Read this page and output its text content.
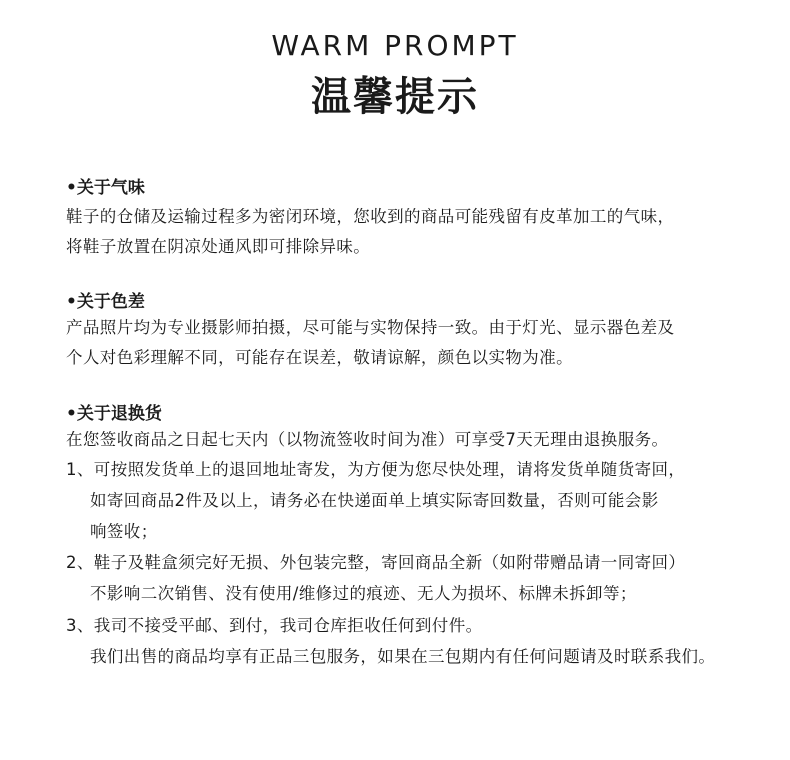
WARM PROMPT
温馨提示
•关于气味
鞋子的仓储及运输过程多为密闭环境，您收到的商品可能残留有皮革加工的气味，
将鞋子放置在阴凉处通风即可排除异味。
•关于色差
产品照片均为专业摄影师拍摄，尽可能与实物保持一致。由于灯光、显示器色差及
个人对色彩理解不同，可能存在误差，敬请谅解，颜色以实物为准。
•关于退换货
在您签收商品之日起七天内（以物流签收时间为准）可享受7天无理由退换服务。
1、可按照发货单上的退回地址寄发，为方便为您尽快处理，请将发货单随货寄回，
如寄回商品2件及以上，请务必在快递面单上填实际寄回数量，否则可能会影
响签收；
2、鞋子及鞋盒须完好无损、外包装完整，寄回商品全新（如附带赠品请一同寄回）
不影响二次销售、没有使用/维修过的痕迹、无人为损坏、标牌未拆卸等；
3、我司不接受平邮、到付，我司仓库拒收任何到付件。
我们出售的商品均享有正品三包服务，如果在三包期内有任何问题请及时联系我们。
